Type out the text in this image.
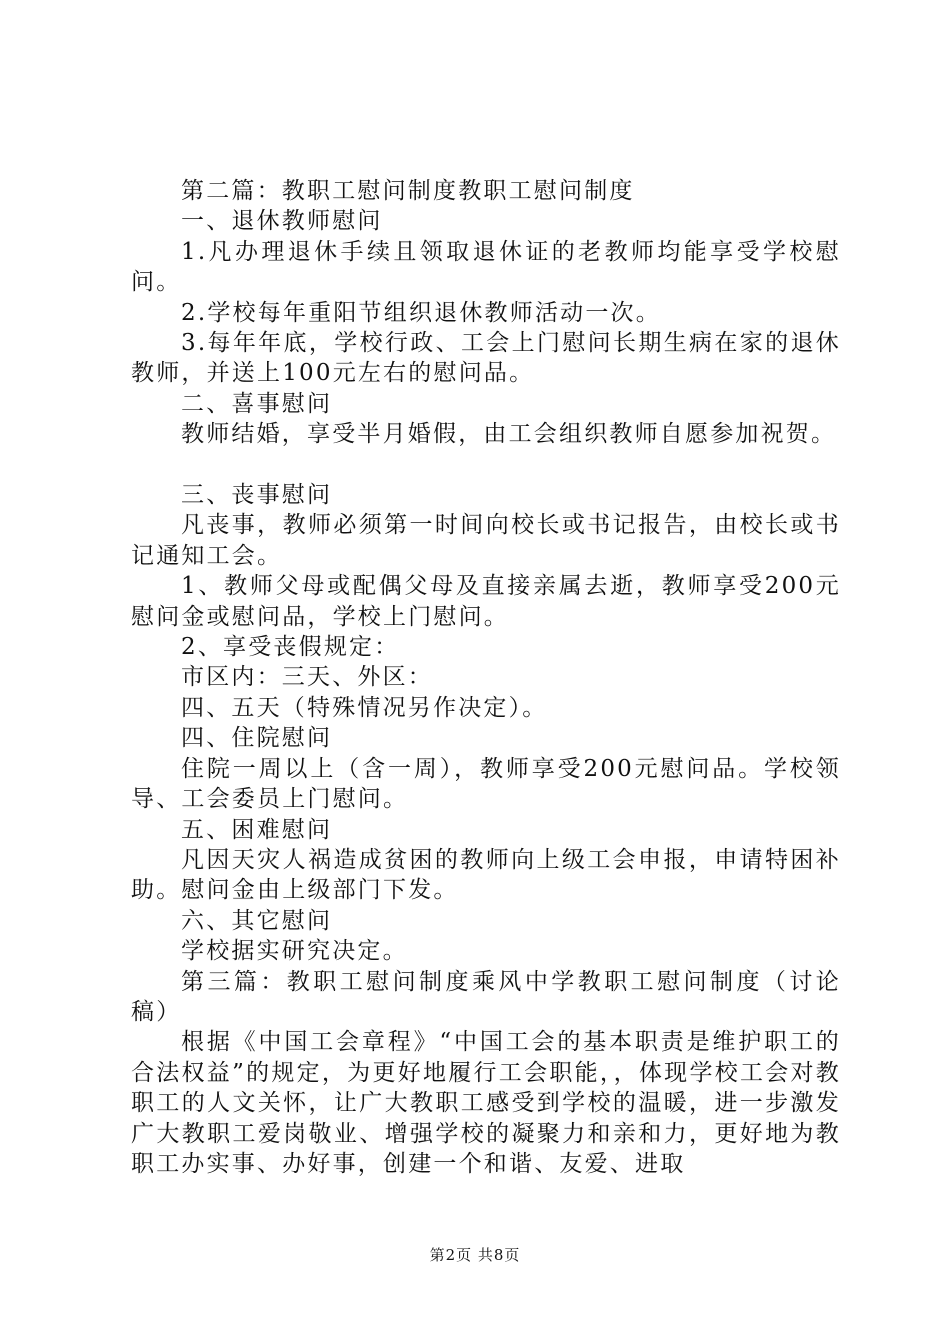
第二篇：教职工慰问制度教职工慰问制度

一、退休教师慰问

1.凡办理退休手续且领取退休证的老教师均能享受学校慰问。

2.学校每年重阳节组织退休教师活动一次。

3.每年年底，学校行政、工会上门慰问长期生病在家的退休教师，并送上100元左右的慰问品。

二、喜事慰问

教师结婚，享受半月婚假，由工会组织教师自愿参加祝贺。

三、丧事慰问

凡丧事，教师必须第一时间向校长或书记报告，由校长或书记通知工会。

1、教师父母或配偶父母及直接亲属去逝，教师享受200元慰问金或慰问品，学校上门慰问。

2、享受丧假规定：

市区内：三天、外区：

四、五天（特殊情况另作决定）。

四、住院慰问

住院一周以上（含一周），教师享受200元慰问品。学校领导、工会委员上门慰问。

五、困难慰问

凡因天灾人祸造成贫困的教师向上级工会申报，申请特困补助。慰问金由上级部门下发。

六、其它慰问

学校据实研究决定。

第三篇：教职工慰问制度乘风中学教职工慰问制度（讨论稿）

根据《中国工会章程》“中国工会的基本职责是维护职工的合法权益”的规定，为更好地履行工会职能，，体现学校工会对教职工的人文关怀，让广大教职工感受到学校的温暖，进一步激发广大教职工爱岗敬业、增强学校的凝聚力和亲和力，更好地为教职工办实事、办好事，创建一个和谐、友爱、进取

第2页 共8页
